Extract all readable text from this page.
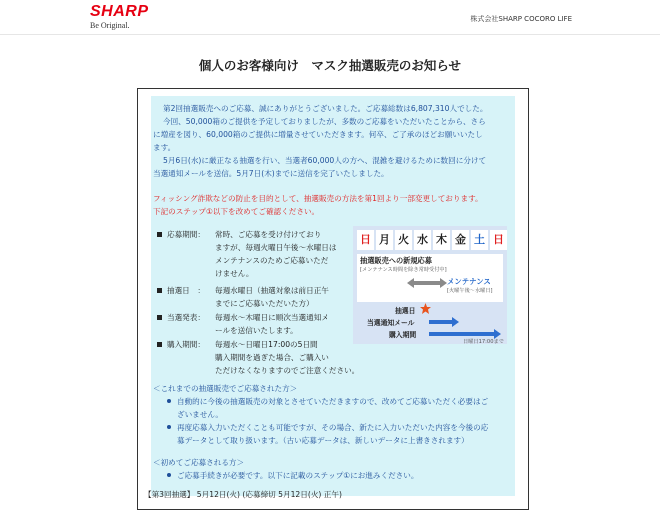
SHARP
Be Original.
株式会社SHARP COCORO LIFE
個人のお客様向け　マスク抽選販売のお知らせ
第2回抽選販売へのご応募、誠にありがとうございました。ご応募総数は6,807,310人でした。
今回、50,000箱のご提供を予定しておりましたが、多数のご応募をいただいたことから、さら
に増産を図り、60,000箱のご提供に増量させていただきます。何卒、ご了承のほどお願いいたし
ます。
5月6日(水)に厳正なる抽選を行い、当選者60,000人の方へ、混雑を避けるために数回に分けて
当選通知メールを送信。5月7日(木)までに送信を完了いたしました。
フィッシング詐欺などの防止を目的として、抽選販売の方法を第1回より一部変更しております。
下記のステップ①以下を改めてご確認ください。
応募期間： 常時、ご応募を受け付けており
ますが、毎週火曜日午後～水曜日は
メンテナンスのためご応募いただ
けません。
抽選日　： 毎週水曜日（抽選対象は前日正午
までにご応募いただいた方）
当選発表： 毎週水～木曜日に順次当選通知メ
ールを送信いたします。
購入期間： 毎週水～日曜日17:00の5日間
購入期間を過ぎた場合、ご購入い
ただけなくなりますのでご注意ください。
日 月 火 水 木 金 土 日
抽選販売への新規応募
[メンテナンス時間を除き常時受付中]
メンテナンス
[火曜午後～水曜日]
抽選日
当選通知メール
購入期間
日曜日17:00まで
＜これまでの抽選販売でご応募された方＞
自動的に今後の抽選販売の対象とさせていただきますので、改めてご応募いただく必要はご
ざいません。
再度応募入力いただくことも可能ですが、その場合、新たに入力いただいた内容を今後の応
募データとして取り扱います。（古い応募データは、新しいデータに上書きされます）
＜初めてご応募される方＞
ご応募手続きが必要です。以下に記載のステップ①にお進みください。
【第3回抽選】 5月12日(火) (応募締切 5月12日(火) 正午)
